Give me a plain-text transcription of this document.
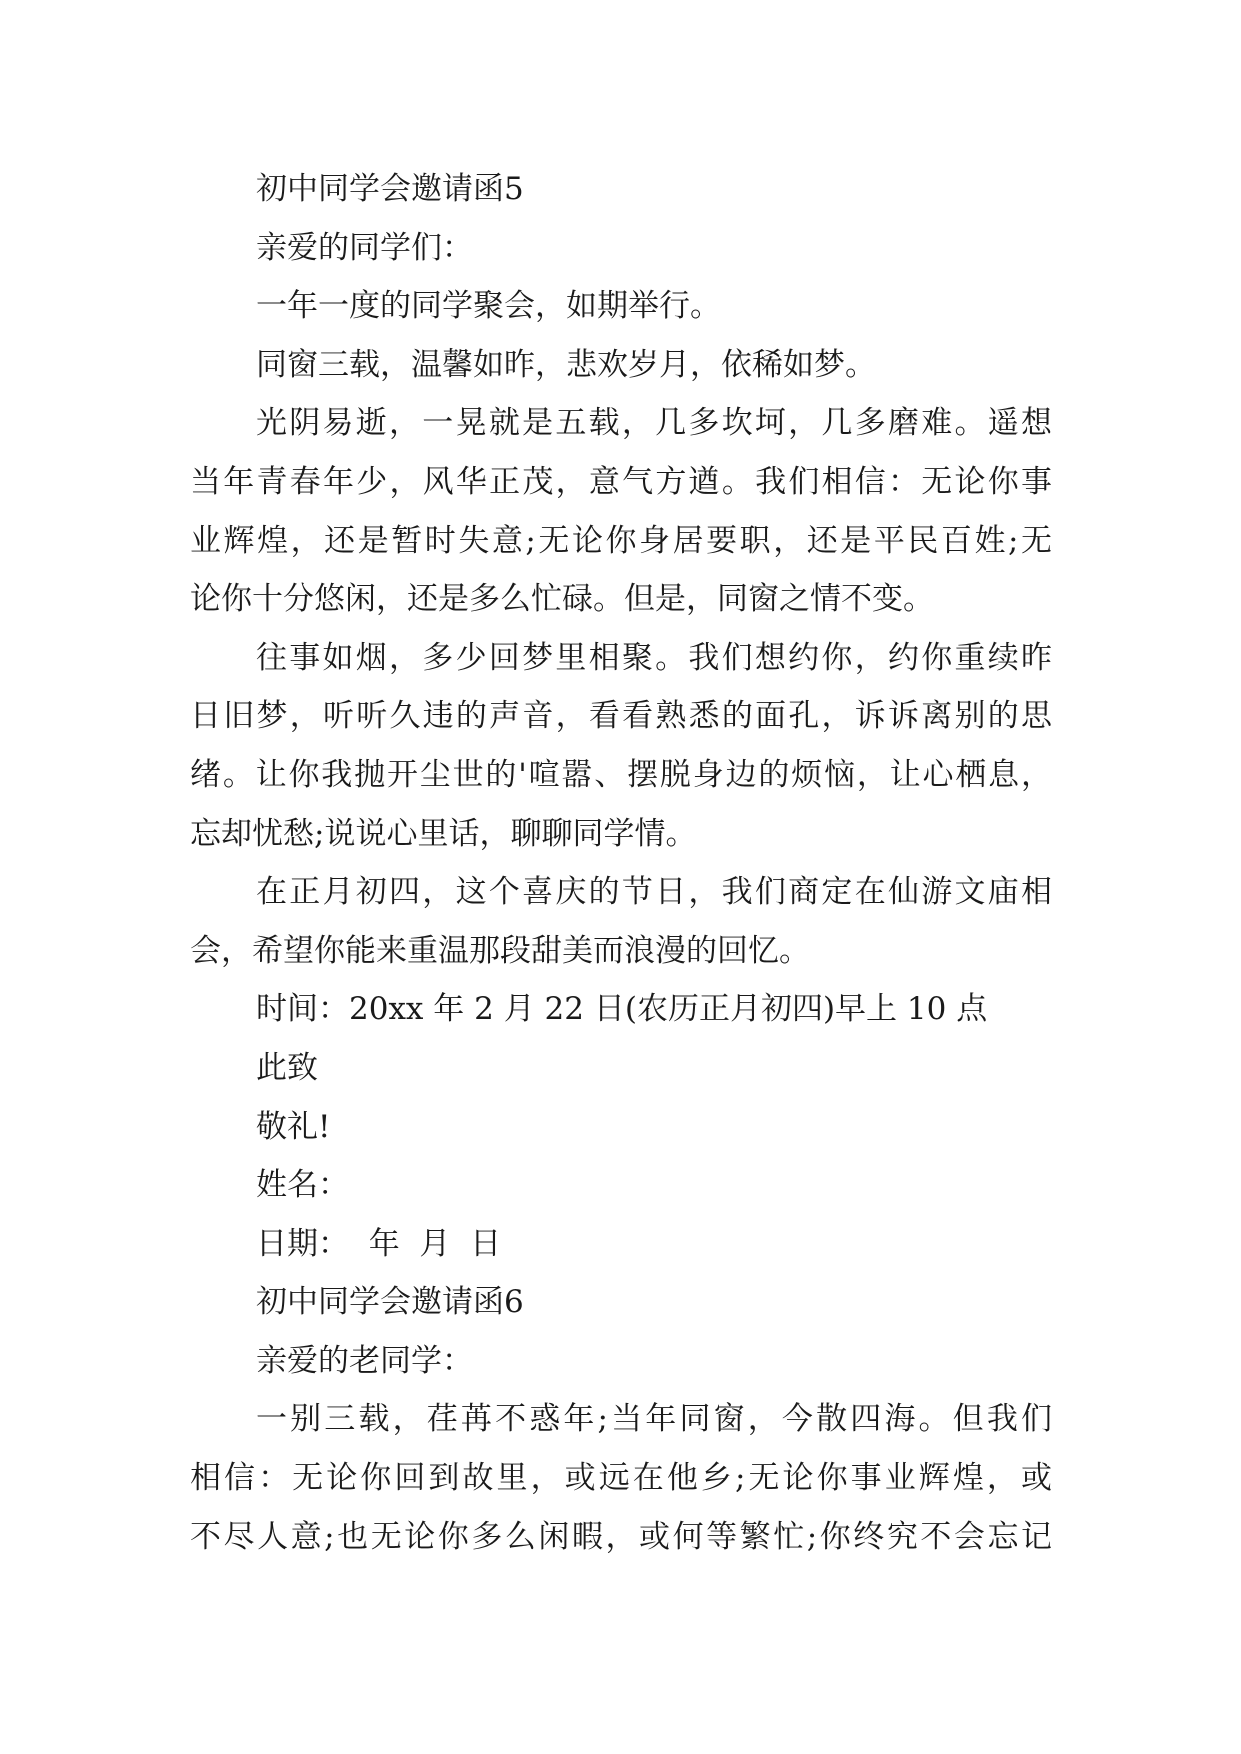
初中同学会邀请函5

亲爱的同学们：

一年一度的同学聚会，如期举行。

同窗三载，温馨如昨，悲欢岁月，依稀如梦。

光阴易逝，一晃就是五载，几多坎坷，几多磨难。遥想

当年青春年少，风华正茂，意气方遒。我们相信：无论你事

业辉煌，还是暂时失意;无论你身居要职，还是平民百姓;无

论你十分悠闲，还是多么忙碌。但是，同窗之情不变。

往事如烟，多少回梦里相聚。我们想约你，约你重续昨

日旧梦，听听久违的声音，看看熟悉的面孔，诉诉离别的思

绪。让你我抛开尘世的'喧嚣、摆脱身边的烦恼，让心栖息，

忘却忧愁;说说心里话，聊聊同学情。

在正月初四，这个喜庆的节日，我们商定在仙游文庙相

会，希望你能来重温那段甜美而浪漫的回忆。

时间：20xx 年 2 月 22 日(农历正月初四)早上 10 点

此致

敬礼!

姓名：

日期：  年  月  日

初中同学会邀请函6

亲爱的老同学：

一别三载，荏苒不惑年;当年同窗，今散四海。但我们

相信：无论你回到故里，或远在他乡;无论你事业辉煌，或

不尽人意;也无论你多么闲暇，或何等繁忙;你终究不会忘记
